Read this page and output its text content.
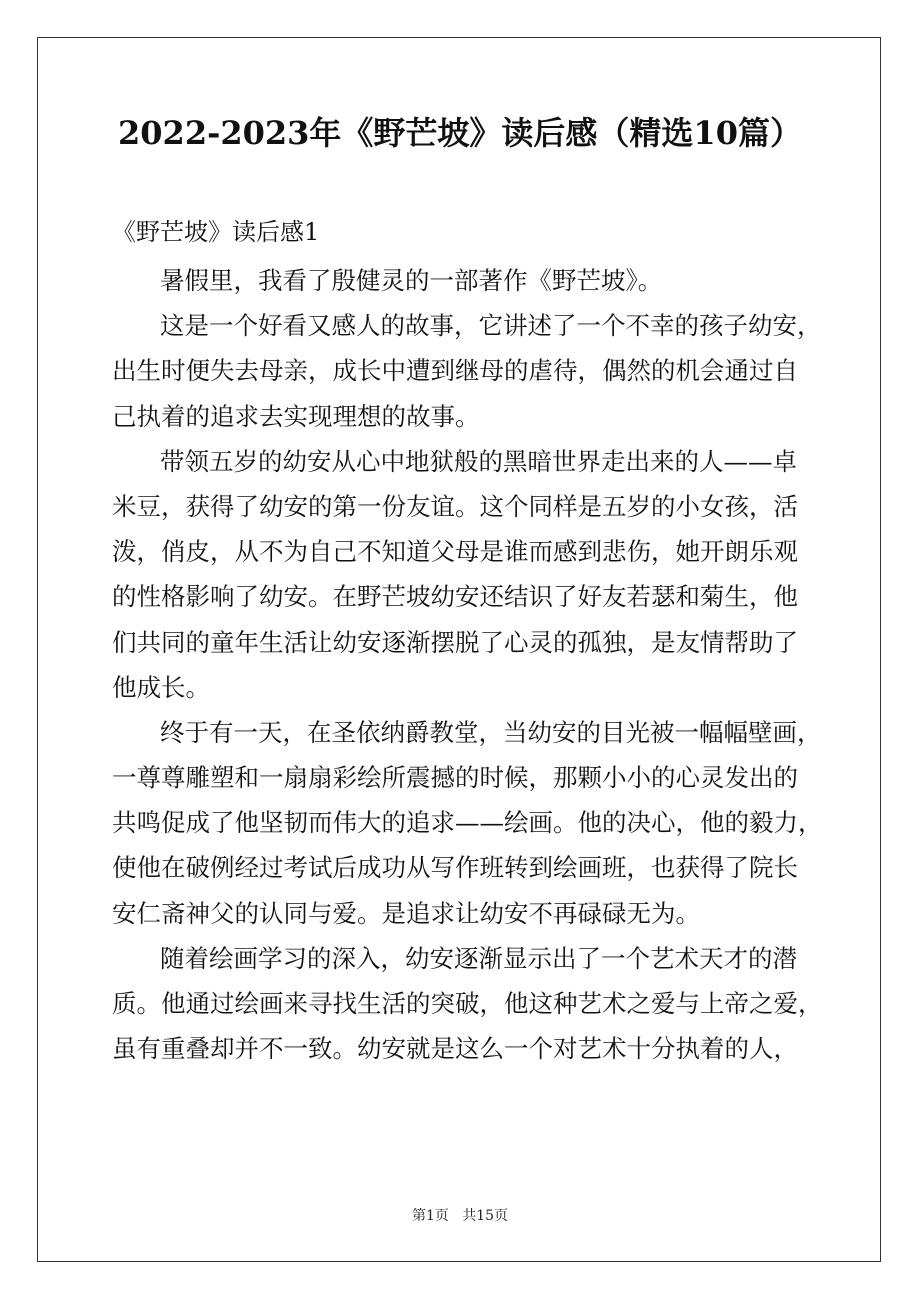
2022-2023年《野芒坡》读后感（精选10篇）
《野芒坡》读后感1
暑假里，我看了殷健灵的一部著作《野芒坡》。
这是一个好看又感人的故事，它讲述了一个不幸的孩子幼安，
出生时便失去母亲，成长中遭到继母的虐待，偶然的机会通过自
己执着的追求去实现理想的故事。
带领五岁的幼安从心中地狱般的黑暗世界走出来的人——卓
米豆，获得了幼安的第一份友谊。这个同样是五岁的小女孩，活
泼，俏皮，从不为自己不知道父母是谁而感到悲伤，她开朗乐观
的性格影响了幼安。在野芒坡幼安还结识了好友若瑟和菊生，他
们共同的童年生活让幼安逐渐摆脱了心灵的孤独，是友情帮助了
他成长。
终于有一天，在圣依纳爵教堂，当幼安的目光被一幅幅壁画，
一尊尊雕塑和一扇扇彩绘所震撼的时候，那颗小小的心灵发出的
共鸣促成了他坚韧而伟大的追求——绘画。他的决心，他的毅力，
使他在破例经过考试后成功从写作班转到绘画班，也获得了院长
安仁斋神父的认同与爱。是追求让幼安不再碌碌无为。
随着绘画学习的深入，幼安逐渐显示出了一个艺术天才的潜
质。他通过绘画来寻找生活的突破，他这种艺术之爱与上帝之爱，
虽有重叠却并不一致。幼安就是这么一个对艺术十分执着的人，
第1页   共15页
